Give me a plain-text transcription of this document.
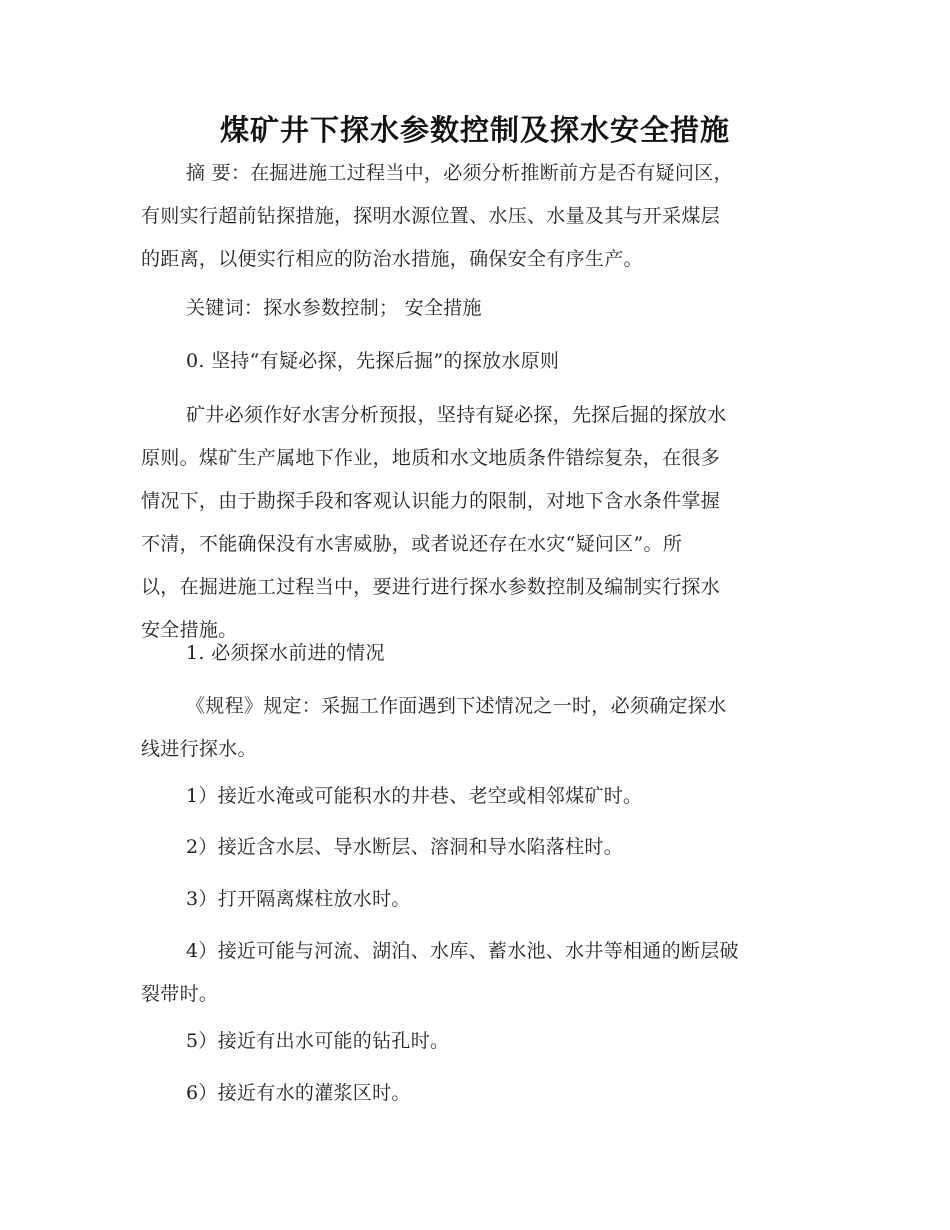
煤矿井下探水参数控制及探水安全措施

摘 要：在掘进施工过程当中，必须分析推断前方是否有疑问区，
有则实行超前钻探措施，探明水源位置、水压、水量及其与开采煤层
的距离，以便实行相应的防治水措施，确保安全有序生产。

关键词：探水参数控制； 安全措施

0. 坚持“有疑必探，先探后掘”的探放水原则

矿井必须作好水害分析预报，坚持有疑必探，先探后掘的探放水
原则。煤矿生产属地下作业，地质和水文地质条件错综复杂，在很多
情况下，由于勘探手段和客观认识能力的限制，对地下含水条件掌握
不清，不能确保没有水害威胁，或者说还存在水灾“疑问区”。所
以，在掘进施工过程当中，要进行进行探水参数控制及编制实行探水
安全措施。

1. 必须探水前进的情况

《规程》规定：采掘工作面遇到下述情况之一时，必须确定探水
线进行探水。

1）接近水淹或可能积水的井巷、老空或相邻煤矿时。

2）接近含水层、导水断层、溶洞和导水陷落柱时。

3）打开隔离煤柱放水时。

4）接近可能与河流、湖泊、水库、蓄水池、水井等相通的断层破
裂带时。

5）接近有出水可能的钻孔时。

6）接近有水的灌浆区时。
